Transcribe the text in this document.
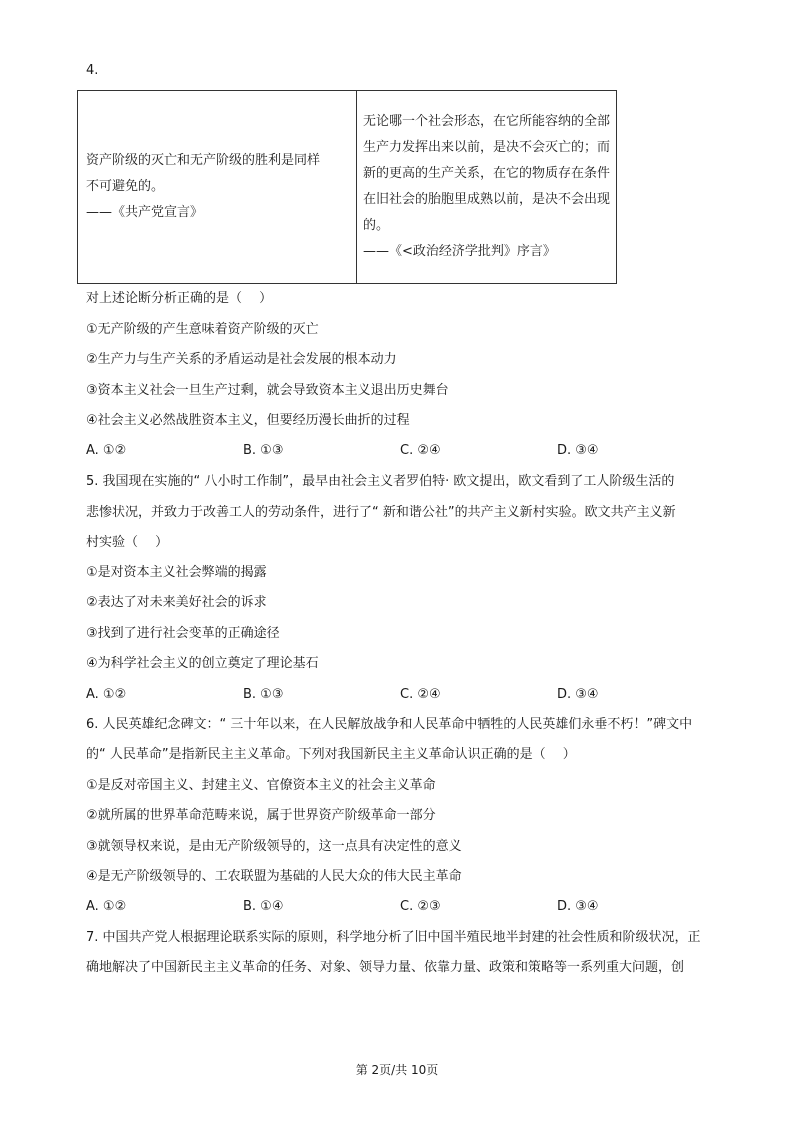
4.
资产阶级的灭亡和无产阶级的胜利是同样
不可避免的。
——《共产党宣言》

无论哪一个社会形态，在它所能容纳的全部
生产力发挥出来以前，是决不会灭亡的；而
新的更高的生产关系，在它的物质存在条件
在旧社会的胎胞里成熟以前，是决不会出现
的。
——《<政治经济学批判》序言》
对上述论断分析正确的是（　 ）
①无产阶级的产生意味着资产阶级的灭亡
②生产力与生产关系的矛盾运动是社会发展的根本动力
③资本主义社会一旦生产过剩，就会导致资本主义退出历史舞台
④社会主义必然战胜资本主义，但要经历漫长曲折的过程
A. ①②	B. ①③	C. ②④	D. ③④
5. 我国现在实施的“ 八小时工作制”，最早由社会主义者罗伯特· 欧文提出，欧文看到了工人阶级生活的
悲惨状况，并致力于改善工人的劳动条件，进行了“ 新和谐公社”的共产主义新村实验。欧文共产主义新
村实验（　 ）
①是对资本主义社会弊端的揭露
②表达了对未来美好社会的诉求
③找到了进行社会变革的正确途径
④为科学社会主义的创立奠定了理论基石
A. ①②	B. ①③	C. ②④	D. ③④
6. 人民英雄纪念碑文：“ 三十年以来，在人民解放战争和人民革命中牺牲的人民英雄们永垂不朽！”碑文中
的“ 人民革命”是指新民主主义革命。下列对我国新民主主义革命认识正确的是（　 ）
①是反对帝国主义、封建主义、官僚资本主义的社会主义革命
②就所属的世界革命范畴来说，属于世界资产阶级革命一部分
③就领导权来说，是由无产阶级领导的，这一点具有决定性的意义
④是无产阶级领导的、工农联盟为基础的人民大众的伟大民主革命
A. ①②	B. ①④	C. ②③	D. ③④
7. 中国共产党人根据理论联系实际的原则，科学地分析了旧中国半殖民地半封建的社会性质和阶级状况，正
确地解决了中国新民主主义革命的任务、对象、领导力量、依靠力量、政策和策略等一系列重大问题，创
第 2页/共 10页
